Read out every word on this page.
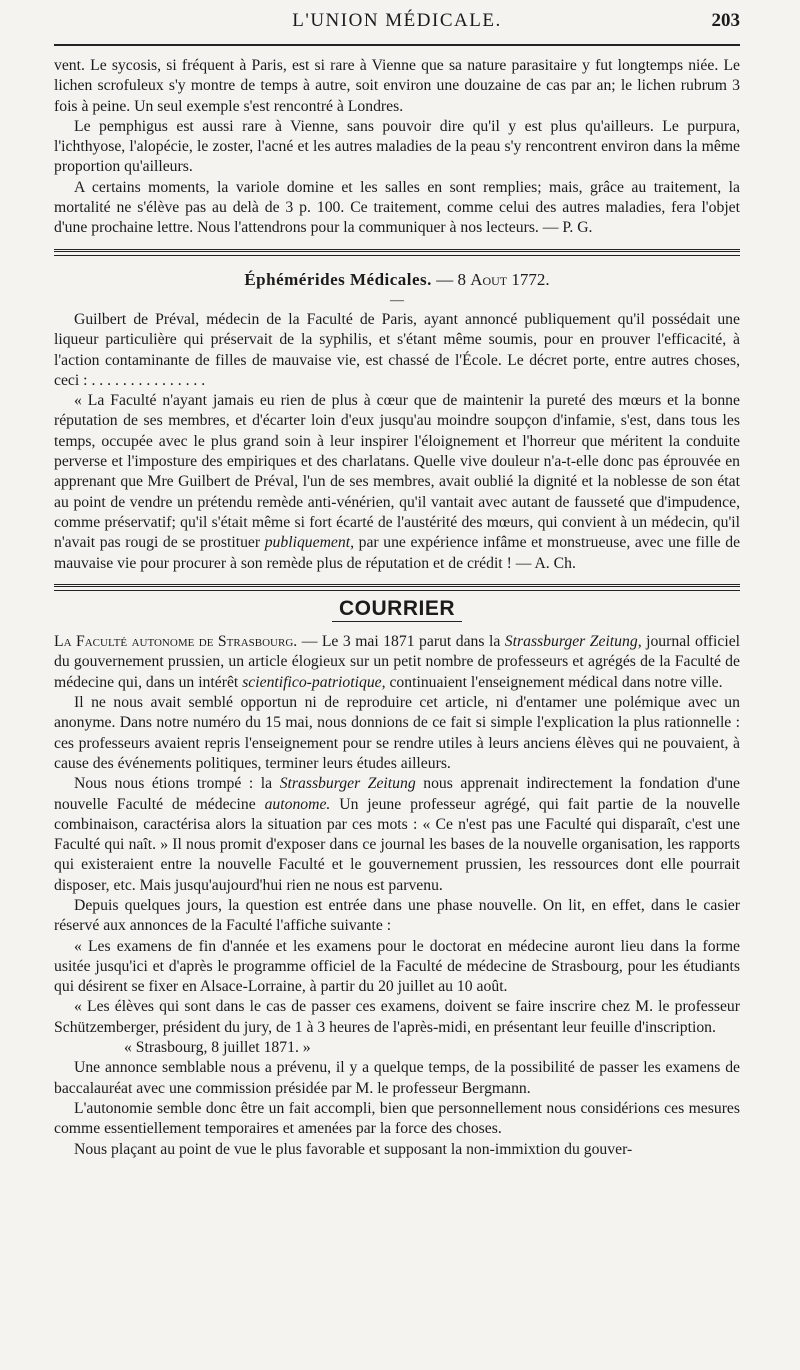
L'UNION MÉDICALE.	203

vent. Le sycosis, si fréquent à Paris, est si rare à Vienne que sa nature parasitaire y fut longtemps niée. Le lichen scrofuleux s'y montre de temps à autre, soit environ une douzaine de cas par an; le lichen rubrum 3 fois à peine. Un seul exemple s'est rencontré à Londres.

Le pemphigus est aussi rare à Vienne, sans pouvoir dire qu'il y est plus qu'ailleurs. Le purpura, l'ichthyose, l'alopécie, le zoster, l'acné et les autres maladies de la peau s'y rencontrent environ dans la même proportion qu'ailleurs.

A certains moments, la variole domine et les salles en sont remplies; mais, grâce au traitement, la mortalité ne s'élève pas au delà de 3 p. 100. Ce traitement, comme celui des autres maladies, fera l'objet d'une prochaine lettre. Nous l'attendrons pour la communiquer à nos lecteurs. — P. G.

Éphémérides Médicales. — 8 Aout 1772.
—

Guilbert de Préval, médecin de la Faculté de Paris, ayant annoncé publiquement qu'il possédait une liqueur particulière qui préservait de la syphilis, et s'étant même soumis, pour en prouver l'efficacité, à l'action contaminante de filles de mauvaise vie, est chassé de l'École. Le décret porte, entre autres choses, ceci : . . . . . . . . . . . . . . .

« La Faculté n'ayant jamais eu rien de plus à cœur que de maintenir la pureté des mœurs et la bonne réputation de ses membres, et d'écarter loin d'eux jusqu'au moindre soupçon d'infamie, s'est, dans tous les temps, occupée avec le plus grand soin à leur inspirer l'éloignement et l'horreur que méritent la conduite perverse et l'imposture des empiriques et des charlatans. Quelle vive douleur n'a-t-elle donc pas éprouvée en apprenant que Mre Guilbert de Préval, l'un de ses membres, avait oublié la dignité et la noblesse de son état au point de vendre un prétendu remède anti-vénérien, qu'il vantait avec autant de fausseté que d'impudence, comme préservatif; qu'il s'était même si fort écarté de l'austérité des mœurs, qui convient à un médecin, qu'il n'avait pas rougi de se prostituer publiquement, par une expérience infâme et monstrueuse, avec une fille de mauvaise vie pour procurer à son remède plus de réputation et de crédit ! — A. Ch.

COURRIER

La Faculté autonome de Strasbourg. — Le 3 mai 1871 parut dans la Strassburger Zeitung, journal officiel du gouvernement prussien, un article élogieux sur un petit nombre de professeurs et agrégés de la Faculté de médecine qui, dans un intérêt scientifico-patriotique, continuaient l'enseignement médical dans notre ville.

Il ne nous avait semblé opportun ni de reproduire cet article, ni d'entamer une polémique avec un anonyme. Dans notre numéro du 15 mai, nous donnions de ce fait si simple l'explication la plus rationnelle : ces professeurs avaient repris l'enseignement pour se rendre utiles à leurs anciens élèves qui ne pouvaient, à cause des événements politiques, terminer leurs études ailleurs.

Nous nous étions trompé : la Strassburger Zeitung nous apprenait indirectement la fondation d'une nouvelle Faculté de médecine autonome. Un jeune professeur agrégé, qui fait partie de la nouvelle combinaison, caractérisa alors la situation par ces mots : « Ce n'est pas une Faculté qui disparaît, c'est une Faculté qui naît. » Il nous promit d'exposer dans ce journal les bases de la nouvelle organisation, les rapports qui existeraient entre la nouvelle Faculté et le gouvernement prussien, les ressources dont elle pourrait disposer, etc. Mais jusqu'aujourd'hui rien ne nous est parvenu.

Depuis quelques jours, la question est entrée dans une phase nouvelle. On lit, en effet, dans le casier réservé aux annonces de la Faculté l'affiche suivante :

« Les examens de fin d'année et les examens pour le doctorat en médecine auront lieu dans la forme usitée jusqu'ici et d'après le programme officiel de la Faculté de médecine de Strasbourg, pour les étudiants qui désirent se fixer en Alsace-Lorraine, à partir du 20 juillet au 10 août.

« Les élèves qui sont dans le cas de passer ces examens, doivent se faire inscrire chez M. le professeur Schützemberger, président du jury, de 1 à 3 heures de l'après-midi, en présentant leur feuille d'inscription.

« Strasbourg, 8 juillet 1871. »

Une annonce semblable nous a prévenu, il y a quelque temps, de la possibilité de passer les examens de baccalauréat avec une commission présidée par M. le professeur Bergmann.

L'autonomie semble donc être un fait accompli, bien que personnellement nous considérions ces mesures comme essentiellement temporaires et amenées par la force des choses.

Nous plaçant au point de vue le plus favorable et supposant la non-immixtion du gouver-
